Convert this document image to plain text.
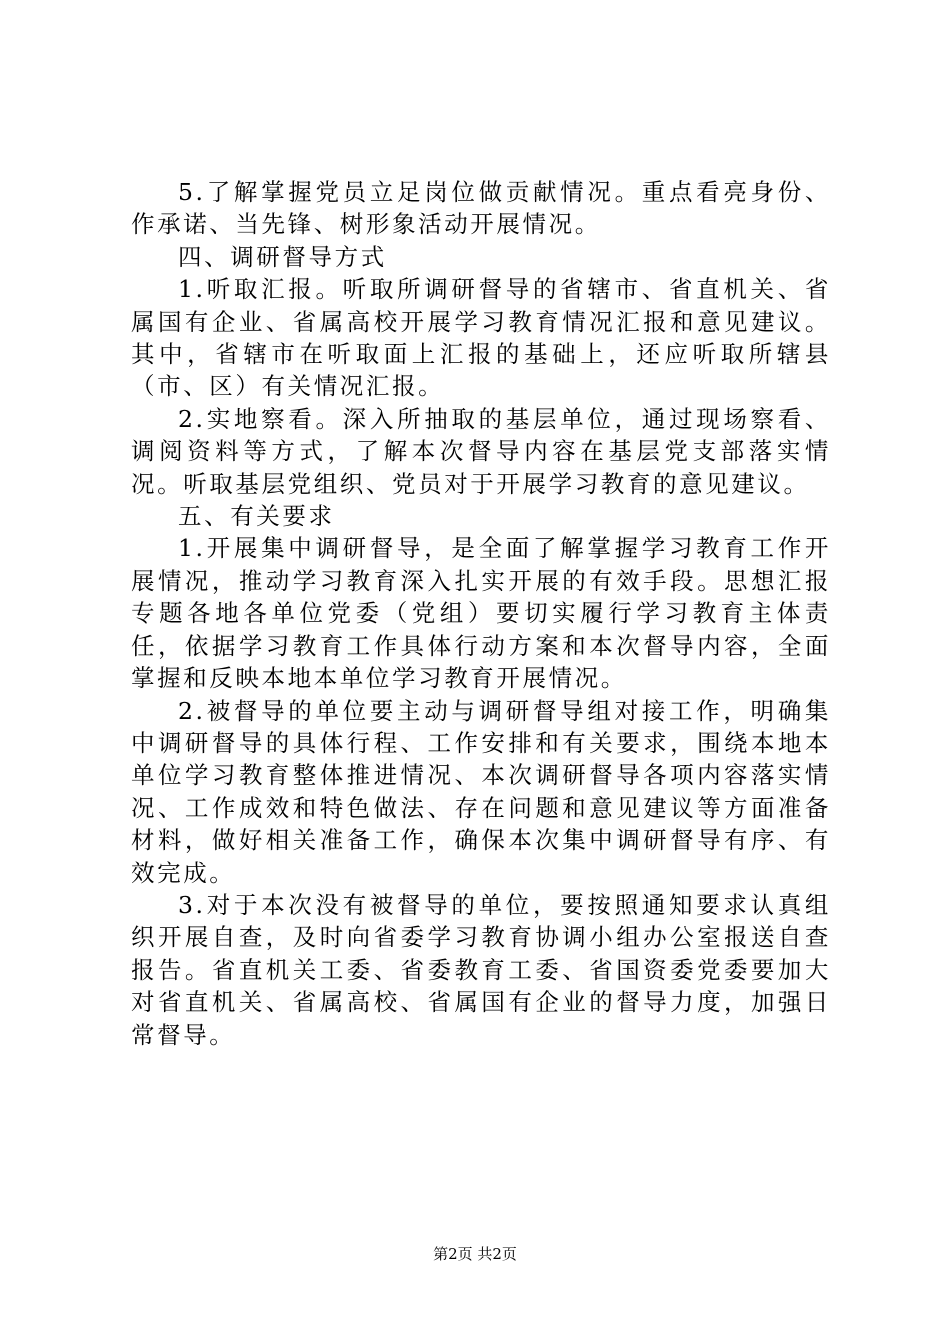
5.了解掌握党员立足岗位做贡献情况。重点看亮身份、作承诺、当先锋、树形象活动开展情况。

四、调研督导方式

1.听取汇报。听取所调研督导的省辖市、省直机关、省属国有企业、省属高校开展学习教育情况汇报和意见建议。其中，省辖市在听取面上汇报的基础上，还应听取所辖县（市、区）有关情况汇报。

2.实地察看。深入所抽取的基层单位，通过现场察看、调阅资料等方式，了解本次督导内容在基层党支部落实情况。听取基层党组织、党员对于开展学习教育的意见建议。

五、有关要求

1.开展集中调研督导，是全面了解掌握学习教育工作开展情况，推动学习教育深入扎实开展的有效手段。思想汇报专题各地各单位党委（党组）要切实履行学习教育主体责任，依据学习教育工作具体行动方案和本次督导内容，全面掌握和反映本地本单位学习教育开展情况。

2.被督导的单位要主动与调研督导组对接工作，明确集中调研督导的具体行程、工作安排和有关要求，围绕本地本单位学习教育整体推进情况、本次调研督导各项内容落实情况、工作成效和特色做法、存在问题和意见建议等方面准备材料，做好相关准备工作，确保本次集中调研督导有序、有效完成。

3.对于本次没有被督导的单位，要按照通知要求认真组织开展自查，及时向省委学习教育协调小组办公室报送自查报告。省直机关工委、省委教育工委、省国资委党委要加大对省直机关、省属高校、省属国有企业的督导力度，加强日常督导。

第2页 共2页
